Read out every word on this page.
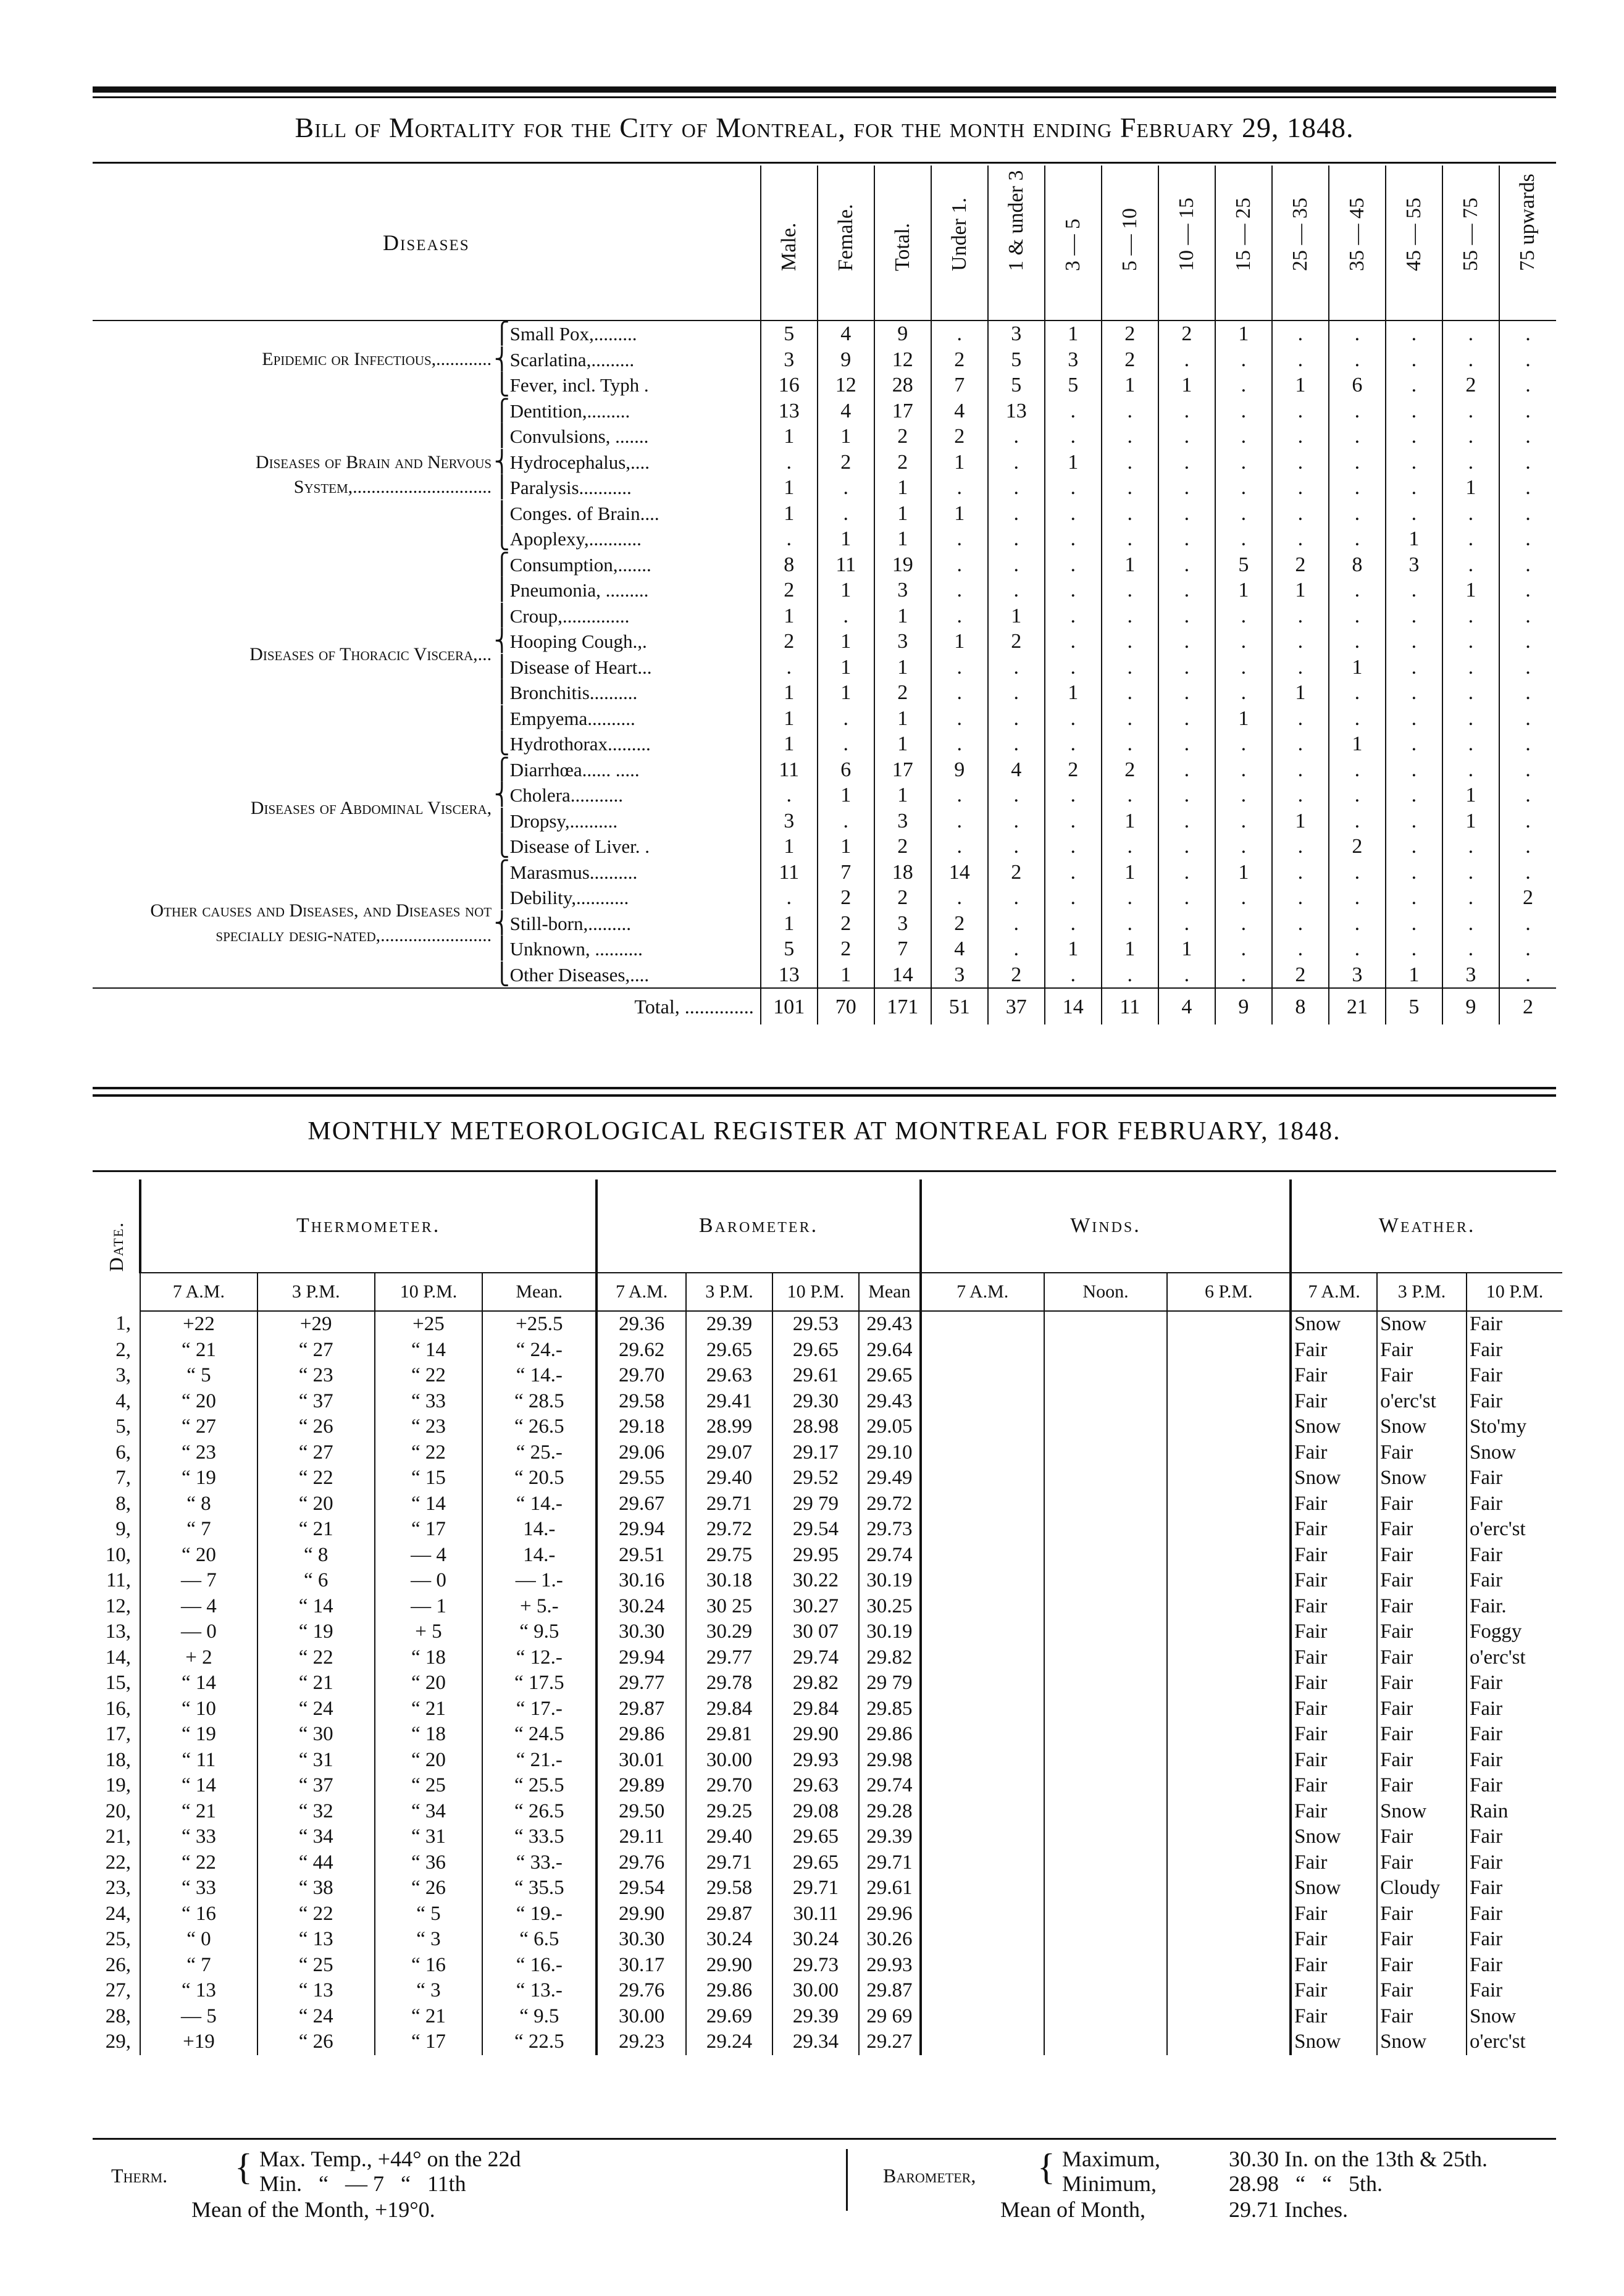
Bill of Mortality for the City of Montreal, for the month ending February 29, 1848.
Diseases			Male.	Female.	Total.	Under 1.	1 & under 3	3 — 5	5 — 10	10 — 15	15 — 25	25 — 35	35 — 45	45 — 55	55 — 75	75 upwards
Epidemic or Infectious,............	⎧	Small Pox,.........	5	4	9	.	3	1	2	2	1	.	.	.	.	.
	⎨	Scarlatina,.........	3	9	12	2	5	3	2	.	.	.	.	.	.	.
	⎩	Fever, incl. Typh .	16	12	28	7	5	5	1	1	.	1	6	.	2	.
Diseases of Brain and Nervous System,..............................	⎧	Dentition,.........	13	4	17	4	13	.	.	.	.	.	.	.	.	.
	⎪	Convulsions, .......	1	1	2	2	.	.	.	.	.	.	.	.	.	.
	⎨	Hydrocephalus,....	.	2	2	1	.	1	.	.	.	.	.	.	.	.
	⎪	Paralysis...........	1	.	1	.	.	.	.	.	.	.	.	.	1	.
	⎪	Conges. of Brain....	1	.	1	1	.	.	.	.	.	.	.	.	.	.
	⎩	Apoplexy,...........	.	1	1	.	.	.	.	.	.	.	.	1	.	.
Diseases of Thoracic Viscera,...	⎧	Consumption,.......	8	11	19	.	.	.	1	.	5	2	8	3	.	.
	⎪	Pneumonia, .........	2	1	3	.	.	.	.	.	1	1	.	.	1	.
	⎪	Croup,..............	1	.	1	.	1	.	.	.	.	.	.	.	.	.
	⎨	Hooping Cough.,.	2	1	3	1	2	.	.	.	.	.	.	.	.	.
	⎪	Disease of Heart...	.	1	1	.	.	.	.	.	.	.	1	.	.	.
	⎪	Bronchitis..........	1	1	2	.	.	1	.	.	.	1	.	.	.	.
	⎪	Empyema..........	1	.	1	.	.	.	.	.	1	.	.	.	.	.
	⎩	Hydrothorax.........	1	.	1	.	.	.	.	.	.	.	1	.	.	.
Diseases of Abdominal Viscera,	⎧	Diarrhœa...... .....	11	6	17	9	4	2	2	.	.	.	.	.	.	.
	⎨	Cholera...........	.	1	1	.	.	.	.	.	.	.	.	.	1	.
	⎪	Dropsy,..........	3	.	3	.	.	.	1	.	.	1	.	.	1	.
	⎩	Disease of Liver. .	1	1	2	.	.	.	.	.	.	.	2	.	.	.
Other causes and Diseases, and Diseases not specially desig-nated,........................	⎧	Marasmus..........	11	7	18	14	2	.	1	.	1	.	.	.	.	.
	⎪	Debility,...........	.	2	2	.	.	.	.	.	.	.	.	.	.	2
	⎨	Still-born,.........	1	2	3	2	.	.	.	.	.	.	.	.	.	.
	⎪	Unknown, ..........	5	2	7	4	.	1	1	1	.	.	.	.	.	.
	⎩	Other Diseases,....	13	1	14	3	2	.	.	.	.	2	3	1	3	.
Total, ..............			101	70	171	51	37	14	11	4	9	8	21	5	9	2
MONTHLY METEOROLOGICAL REGISTER AT MONTREAL FOR FEBRUARY, 1848.
Date.
		Thermometer.				Barometer.				Winds.			Weather.		
	7 A.M.	3 P.M.	10 P.M.	Mean.	7 A.M.	3 P.M.	10 P.M.	Mean	7 A.M.	Noon.	6 P.M.	7 A.M.	3 P.M.	10 P.M.

1,	+22	+29	+25	+25.5	29.36	29.39	29.53	29.43				Snow	Snow	Fair

2,	“ 21	“ 27	“ 14	“ 24.-	29.62	29.65	29.65	29.64				Fair	Fair	Fair

3,	“ 5	“ 23	“ 22	“ 14.-	29.70	29.63	29.61	29.65				Fair	Fair	Fair

4,	“ 20	“ 37	“ 33	“ 28.5	29.58	29.41	29.30	29.43				Fair	o'erc'st	Fair

5,	“ 27	“ 26	“ 23	“ 26.5	29.18	28.99	28.98	29.05				Snow	Snow	Sto'my

6,	“ 23	“ 27	“ 22	“ 25.-	29.06	29.07	29.17	29.10				Fair	Fair	Snow

7,	“ 19	“ 22	“ 15	“ 20.5	29.55	29.40	29.52	29.49				Snow	Snow	Fair

8,	“ 8	“ 20	“ 14	“ 14.-	29.67	29.71	29 79	29.72				Fair	Fair	Fair

9,	“ 7	“ 21	“ 17	14.-	29.94	29.72	29.54	29.73				Fair	Fair	o'erc'st

10,	“ 20	“ 8	— 4	14.-	29.51	29.75	29.95	29.74				Fair	Fair	Fair

11,	— 7	“ 6	— 0	— 1.-	30.16	30.18	30.22	30.19				Fair	Fair	Fair

12,	— 4	“ 14	— 1	+ 5.-	30.24	30 25	30.27	30.25				Fair	Fair	Fair.

13,	— 0	“ 19	+ 5	“ 9.5	30.30	30.29	30 07	30.19				Fair	Fair	Foggy

14,	+ 2	“ 22	“ 18	“ 12.-	29.94	29.77	29.74	29.82				Fair	Fair	o'erc'st

15,	“ 14	“ 21	“ 20	“ 17.5	29.77	29.78	29.82	29 79				Fair	Fair	Fair

16,	“ 10	“ 24	“ 21	“ 17.-	29.87	29.84	29.84	29.85				Fair	Fair	Fair

17,	“ 19	“ 30	“ 18	“ 24.5	29.86	29.81	29.90	29.86				Fair	Fair	Fair

18,	“ 11	“ 31	“ 20	“ 21.-	30.01	30.00	29.93	29.98				Fair	Fair	Fair

19,	“ 14	“ 37	“ 25	“ 25.5	29.89	29.70	29.63	29.74				Fair	Fair	Fair

20,	“ 21	“ 32	“ 34	“ 26.5	29.50	29.25	29.08	29.28				Fair	Snow	Rain

21,	“ 33	“ 34	“ 31	“ 33.5	29.11	29.40	29.65	29.39				Snow	Fair	Fair

22,	“ 22	“ 44	“ 36	“ 33.-	29.76	29.71	29.65	29.71				Fair	Fair	Fair

23,	“ 33	“ 38	“ 26	“ 35.5	29.54	29.58	29.71	29.61				Snow	Cloudy	Fair

24,	“ 16	“ 22	“ 5	“ 19.-	29.90	29.87	30.11	29.96				Fair	Fair	Fair

25,	“ 0	“ 13	“ 3	“ 6.5	30.30	30.24	30.24	30.26				Fair	Fair	Fair

26,	“ 7	“ 25	“ 16	“ 16.-	30.17	29.90	29.73	29.93				Fair	Fair	Fair

27,	“ 13	“ 13	“ 3	“ 13.-	29.76	29.86	30.00	29.87				Fair	Fair	Fair

28,	— 5	“ 24	“ 21	“ 9.5	30.00	29.69	29.39	29 69				Fair	Fair	Snow

29,	+19	“ 26	“ 17	“ 22.5	29.23	29.24	29.34	29.27				Snow	Snow	o'erc'st
Therm. { Max. Temp., +44° on the 22d
Min.   “   — 7   “   11th
Mean of the Month, +19°0.
Barometer, { Maximum,	30.30 In. on the 13th & 25th.
Minimum,	28.98   “   “   5th.
Mean of Month,	29.71 Inches.
